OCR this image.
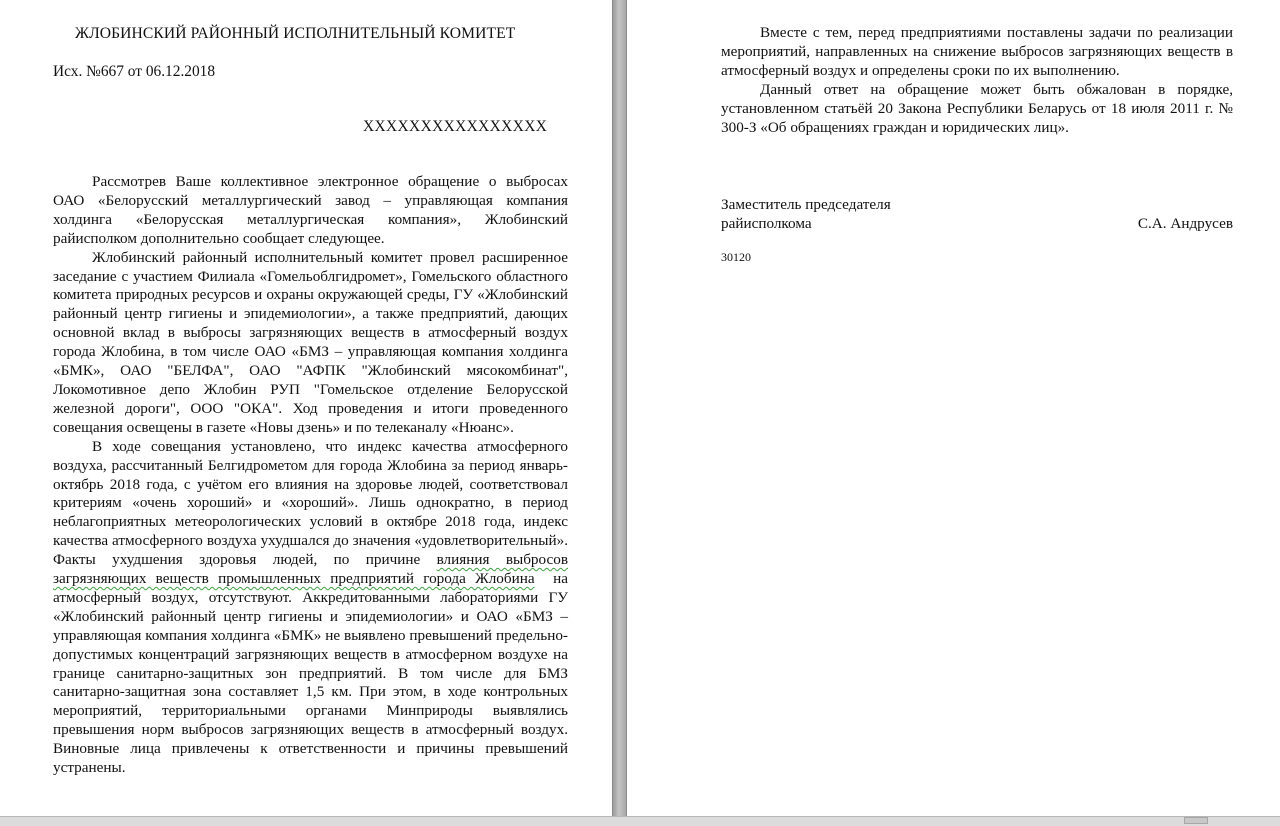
ЖЛОБИНСКИЙ РАЙОННЫЙ ИСПОЛНИТЕЛЬНЫЙ КОМИТЕТ
Исх. №667 от 06.12.2018
XXXXXXXXXXXXXXXX

Рассмотрев Ваше коллективное электронное обращение о выбросах ОАО «Белорусский металлургический завод – управляющая компания холдинга «Белорусская металлургическая компания», Жлобинский райисполком дополнительно сообщает следующее.

Жлобинский районный исполнительный комитет провел расширенное заседание с участием Филиала «Гомельоблгидромет», Гомельского областного комитета природных ресурсов и охраны окружающей среды, ГУ «Жлобинский районный центр гигиены и эпидемиологии», а также предприятий, дающих основной вклад в выбросы загрязняющих веществ в атмосферный воздух города Жлобина, в том числе ОАО «БМЗ – управляющая компания холдинга «БМК», ОАО "БЕЛФА", ОАО "АФПК "Жлобинский мясокомбинат", Локомотивное депо Жлобин РУП "Гомельское отделение Белорусской железной дороги", ООО "ОКА". Ход проведения и итоги проведенного совещания освещены в газете «Новы дзень» и по телеканалу «Нюанс».

В ходе совещания установлено, что индекс качества атмосферного воздуха, рассчитанный Белгидрометом для города Жлобина за период январь-октябрь 2018 года, с учётом его влияния на здоровье людей, соответствовал критериям «очень хороший» и «хороший». Лишь однократно, в период неблагоприятных метеорологических условий в октябре 2018 года, индекс качества атмосферного воздуха ухудшался до значения «удовлетворительный». Факты ухудшения здоровья людей, по причине влияния выбросов загрязняющих веществ промышленных предприятий города Жлобина на атмосферный воздух, отсутствуют. Аккредитованными лабораториями ГУ «Жлобинский районный центр гигиены и эпидемиологии» и ОАО «БМЗ – управляющая компания холдинга «БМК» не выявлено превышений предельно-допустимых концентраций загрязняющих веществ в атмосферном воздухе на границе санитарно-защитных зон предприятий. В том числе для БМЗ санитарно-защитная зона составляет 1,5 км. При этом, в ходе контрольных мероприятий, территориальными органами Минприроды выявлялись превышения норм выбросов загрязняющих веществ в атмосферный воздух. Виновные лица привлечены к ответственности и причины превышений устранены.

Вместе с тем, перед предприятиями поставлены задачи по реализации мероприятий, направленных на снижение выбросов загрязняющих веществ в атмосферный воздух и определены сроки по их выполнению.

Данный ответ на обращение может быть обжалован в порядке, установленном статьёй 20 Закона Республики Беларусь от 18 июля 2011 г. № 300-З «Об обращениях граждан и юридических лиц».

Заместитель председателя
райисполкома	С.А. Андрусев
30120
